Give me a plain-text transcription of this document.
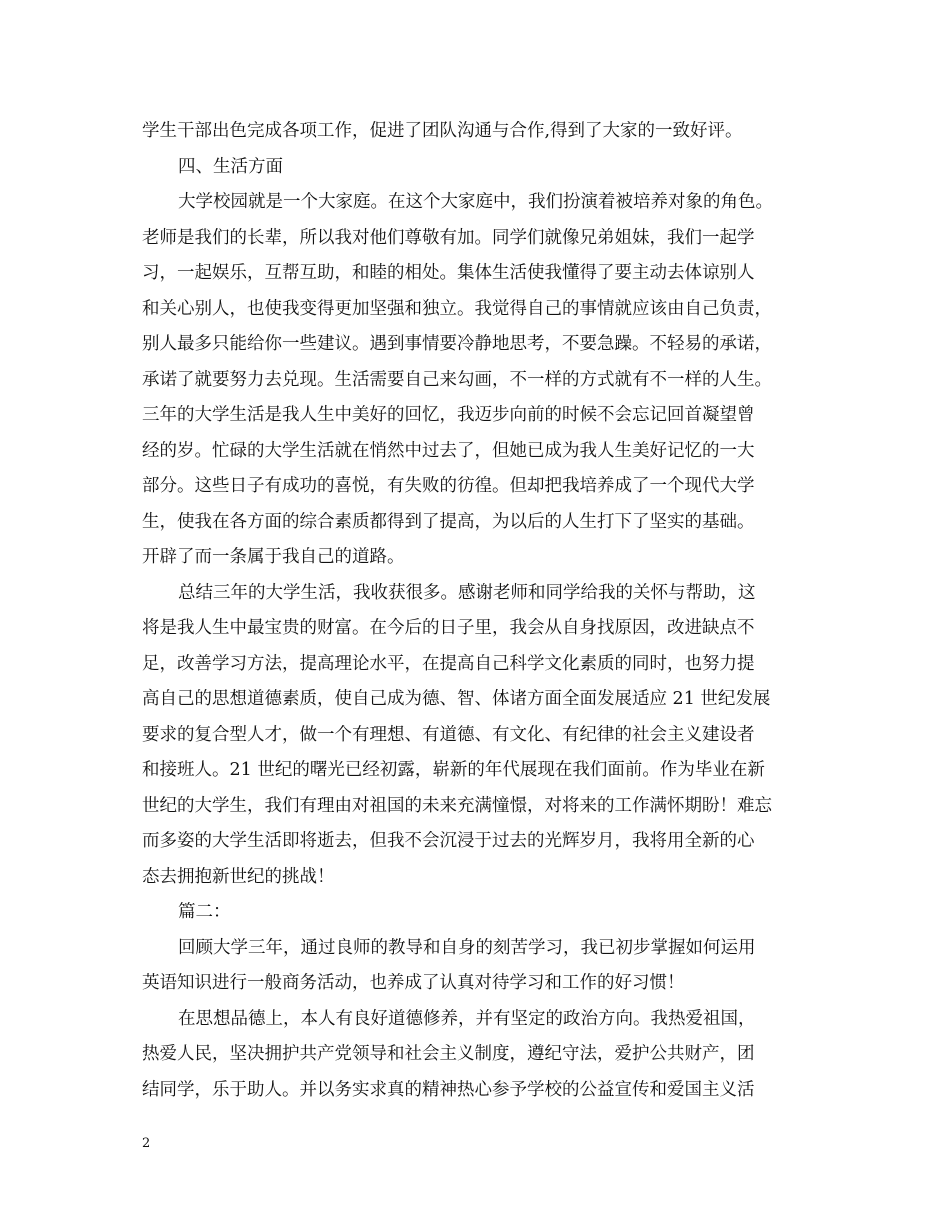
学生干部出色完成各项工作，促进了团队沟通与合作,得到了大家的一致好评。
四、生活方面
大学校园就是一个大家庭。在这个大家庭中，我们扮演着被培养对象的角色。
老师是我们的长辈，所以我对他们尊敬有加。同学们就像兄弟姐妹，我们一起学
习，一起娱乐，互帮互助，和睦的相处。集体生活使我懂得了要主动去体谅别人
和关心别人，也使我变得更加坚强和独立。我觉得自己的事情就应该由自己负责，
别人最多只能给你一些建议。遇到事情要冷静地思考，不要急躁。不轻易的承诺，
承诺了就要努力去兑现。生活需要自己来勾画，不一样的方式就有不一样的人生。
三年的大学生活是我人生中美好的回忆，我迈步向前的时候不会忘记回首凝望曾
经的岁。忙碌的大学生活就在悄然中过去了，但她已成为我人生美好记忆的一大
部分。这些日子有成功的喜悦，有失败的彷徨。但却把我培养成了一个现代大学
生，使我在各方面的综合素质都得到了提高，为以后的人生打下了坚实的基础。
开辟了而一条属于我自己的道路。
总结三年的大学生活，我收获很多。感谢老师和同学给我的关怀与帮助，这
将是我人生中最宝贵的财富。在今后的日子里，我会从自身找原因，改进缺点不
足，改善学习方法，提高理论水平，在提高自己科学文化素质的同时，也努力提
高自己的思想道德素质，使自己成为德、智、体诸方面全面发展适应 21 世纪发展
要求的复合型人才，做一个有理想、有道德、有文化、有纪律的社会主义建设者
和接班人。21 世纪的曙光已经初露，崭新的年代展现在我们面前。作为毕业在新
世纪的大学生，我们有理由对祖国的未来充满憧憬，对将来的工作满怀期盼！难忘
而多姿的大学生活即将逝去，但我不会沉浸于过去的光辉岁月，我将用全新的心
态去拥抱新世纪的挑战！
篇二：
回顾大学三年，通过良师的教导和自身的刻苦学习，我已初步掌握如何运用
英语知识进行一般商务活动，也养成了认真对待学习和工作的好习惯！
在思想品德上，本人有良好道德修养，并有坚定的政治方向。我热爱祖国，
热爱人民，坚决拥护共产党领导和社会主义制度，遵纪守法，爱护公共财产，团
结同学，乐于助人。并以务实求真的精神热心参予学校的公益宣传和爱国主义活
2
